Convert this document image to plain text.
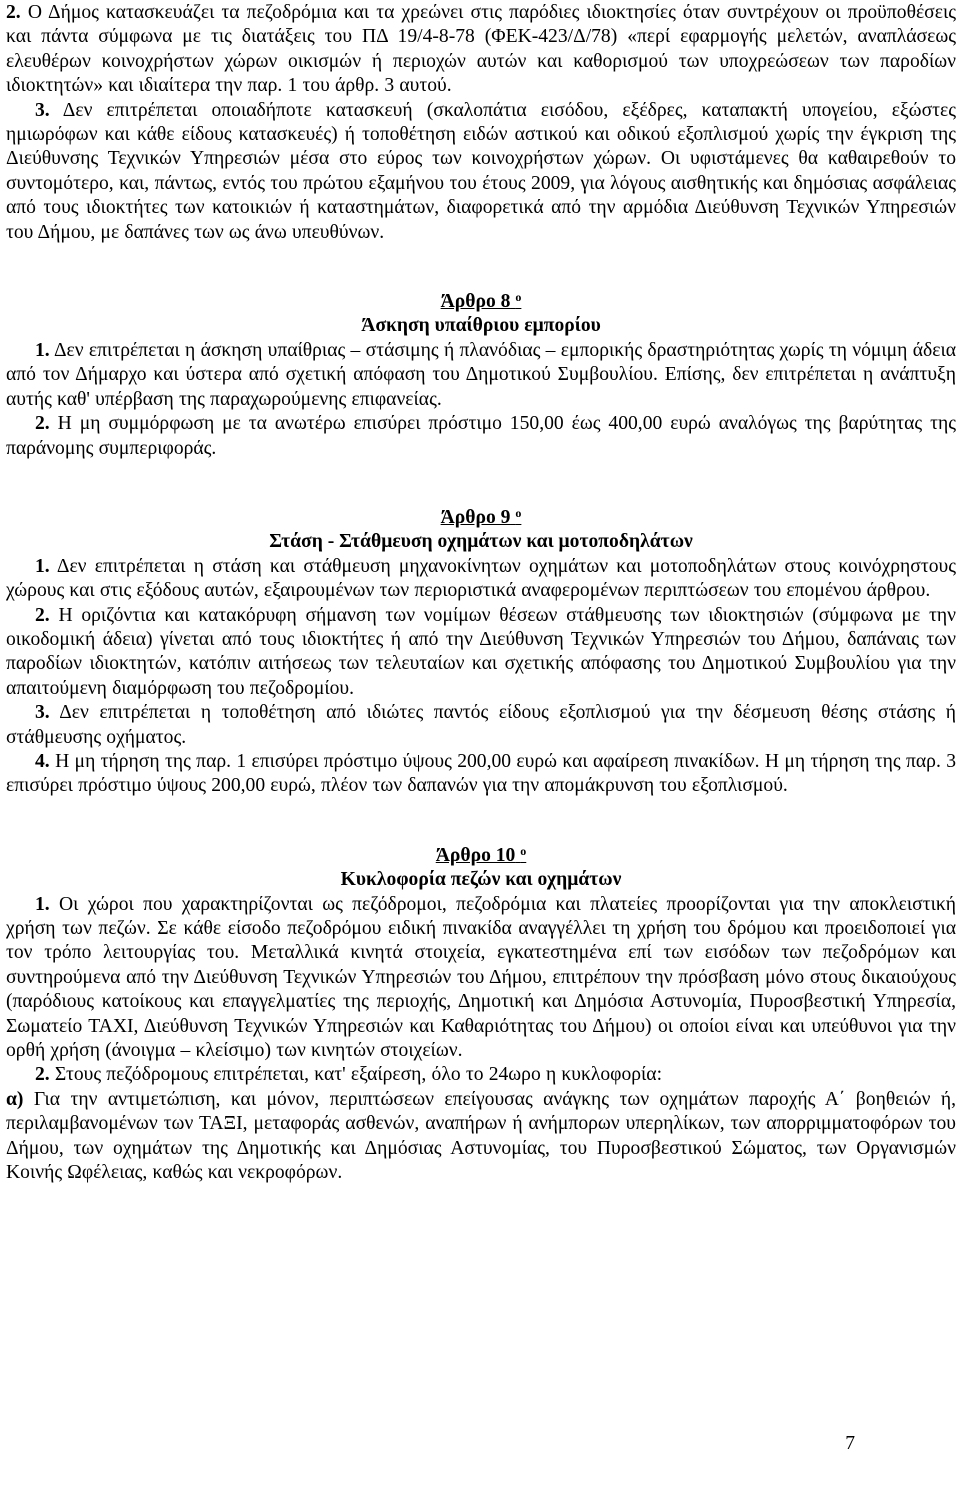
2. Ο Δήμος κατασκευάζει τα πεζοδρόμια και τα χρεώνει στις παρόδιες ιδιοκτησίες όταν συντρέχουν οι προϋποθέσεις και πάντα σύμφωνα με τις διατάξεις του ΠΔ 19/4-8-78 (ΦΕΚ-423/Δ/78) «περί εφαρμογής μελετών, αναπλάσεως ελευθέρων κοινοχρήστων χώρων οικισμών ή περιοχών αυτών και καθορισμού των υποχρεώσεων των παροδίων ιδιοκτητών» και ιδιαίτερα την παρ. 1 του άρθρ. 3 αυτού.

3. Δεν επιτρέπεται οποιαδήποτε κατασκευή (σκαλοπάτια εισόδου, εξέδρες, καταπακτή υπογείου, εξώστες ημιωρόφων και κάθε είδους κατασκευές) ή τοποθέτηση ειδών αστικού και οδικού εξοπλισμού χωρίς την έγκριση της Διεύθυνσης Τεχνικών Υπηρεσιών μέσα στο εύρος των κοινοχρήστων χώρων. Οι υφιστάμενες θα καθαιρεθούν το συντομότερο, και, πάντως, εντός του πρώτου εξαμήνου του έτους 2009, για λόγους αισθητικής και δημόσιας ασφάλειας από τους ιδιοκτήτες των κατοικιών ή καταστημάτων, διαφορετικά από την αρμόδια Διεύθυνση Τεχνικών Υπηρεσιών του Δήμου, με δαπάνες των ως άνω υπευθύνων.

Άρθρο 8 $^o$
Άσκηση υπαίθριου εμπορίου

1. Δεν επιτρέπεται η άσκηση υπαίθριας – στάσιμης ή πλανόδιας – εμπορικής δραστηριότητας χωρίς τη νόμιμη άδεια από τον Δήμαρχο και ύστερα από σχετική απόφαση του Δημοτικού Συμβουλίου. Επίσης, δεν επιτρέπεται η ανάπτυξη αυτής καθ' υπέρβαση της παραχωρούμενης επιφανείας.

2. Η μη συμμόρφωση με τα ανωτέρω επισύρει πρόστιμο 150,00 έως 400,00 ευρώ αναλόγως της βαρύτητας της παράνομης συμπεριφοράς.

Άρθρο 9 $^o$
Στάση - Στάθμευση οχημάτων και μοτοποδηλάτων

1. Δεν επιτρέπεται η στάση και στάθμευση μηχανοκίνητων οχημάτων και μοτοποδηλάτων στους κοινόχρηστους χώρους και στις εξόδους αυτών, εξαιρουμένων των περιοριστικά αναφερομένων περιπτώσεων του επομένου άρθρου.

2. Η οριζόντια και κατακόρυφη σήμανση των νομίμων θέσεων στάθμευσης των ιδιοκτησιών (σύμφωνα με την οικοδομική άδεια) γίνεται από τους ιδιοκτήτες ή από την Διεύθυνση Τεχνικών Υπηρεσιών του Δήμου, δαπάναις των παροδίων ιδιοκτητών, κατόπιν αιτήσεως των τελευταίων και σχετικής απόφασης του Δημοτικού Συμβουλίου για την απαιτούμενη διαμόρφωση του πεζοδρομίου.

3. Δεν επιτρέπεται η τοποθέτηση από ιδιώτες παντός είδους εξοπλισμού για την δέσμευση θέσης στάσης ή στάθμευσης οχήματος.

4. Η μη τήρηση της παρ. 1 επισύρει πρόστιμο ύψους 200,00 ευρώ και αφαίρεση πινακίδων. Η μη τήρηση της παρ. 3 επισύρει πρόστιμο ύψους 200,00 ευρώ, πλέον των δαπανών για την απομάκρυνση του εξοπλισμού.

Άρθρο 10 $^o$
Κυκλοφορία πεζών και οχημάτων

1. Οι χώροι που χαρακτηρίζονται ως πεζόδρομοι, πεζοδρόμια και πλατείες προορίζονται για την αποκλειστική χρήση των πεζών. Σε κάθε είσοδο πεζοδρόμου ειδική πινακίδα αναγγέλλει τη χρήση του δρόμου και προειδοποιεί για τον τρόπο λειτουργίας του. Μεταλλικά κινητά στοιχεία, εγκατεστημένα επί των εισόδων των πεζοδρόμων και συντηρούμενα από την Διεύθυνση Τεχνικών Υπηρεσιών του Δήμου, επιτρέπουν την πρόσβαση μόνο στους δικαιούχους (παρόδιους κατοίκους και επαγγελματίες της περιοχής, Δημοτική και Δημόσια Αστυνομία, Πυροσβεστική Υπηρεσία, Σωματείο ΤΑΧΙ, Διεύθυνση Τεχνικών Υπηρεσιών και Καθαριότητας του Δήμου) οι οποίοι είναι και υπεύθυνοι για την ορθή χρήση (άνοιγμα – κλείσιμο) των κινητών στοιχείων.

2. Στους πεζόδρομους επιτρέπεται, κατ' εξαίρεση, όλο το 24ωρο η κυκλοφορία:

α) Για την αντιμετώπιση, και μόνον, περιπτώσεων επείγουσας ανάγκης των οχημάτων παροχής Α΄ βοηθειών ή, περιλαμβανομένων των ΤΑΞΙ, μεταφοράς ασθενών, αναπήρων ή ανήμπορων υπερηλίκων, των απορριμματοφόρων του Δήμου, των οχημάτων της Δημοτικής και Δημόσιας Αστυνομίας, του Πυροσβεστικού Σώματος, των Οργανισμών Κοινής Ωφέλειας, καθώς και νεκροφόρων.

7
